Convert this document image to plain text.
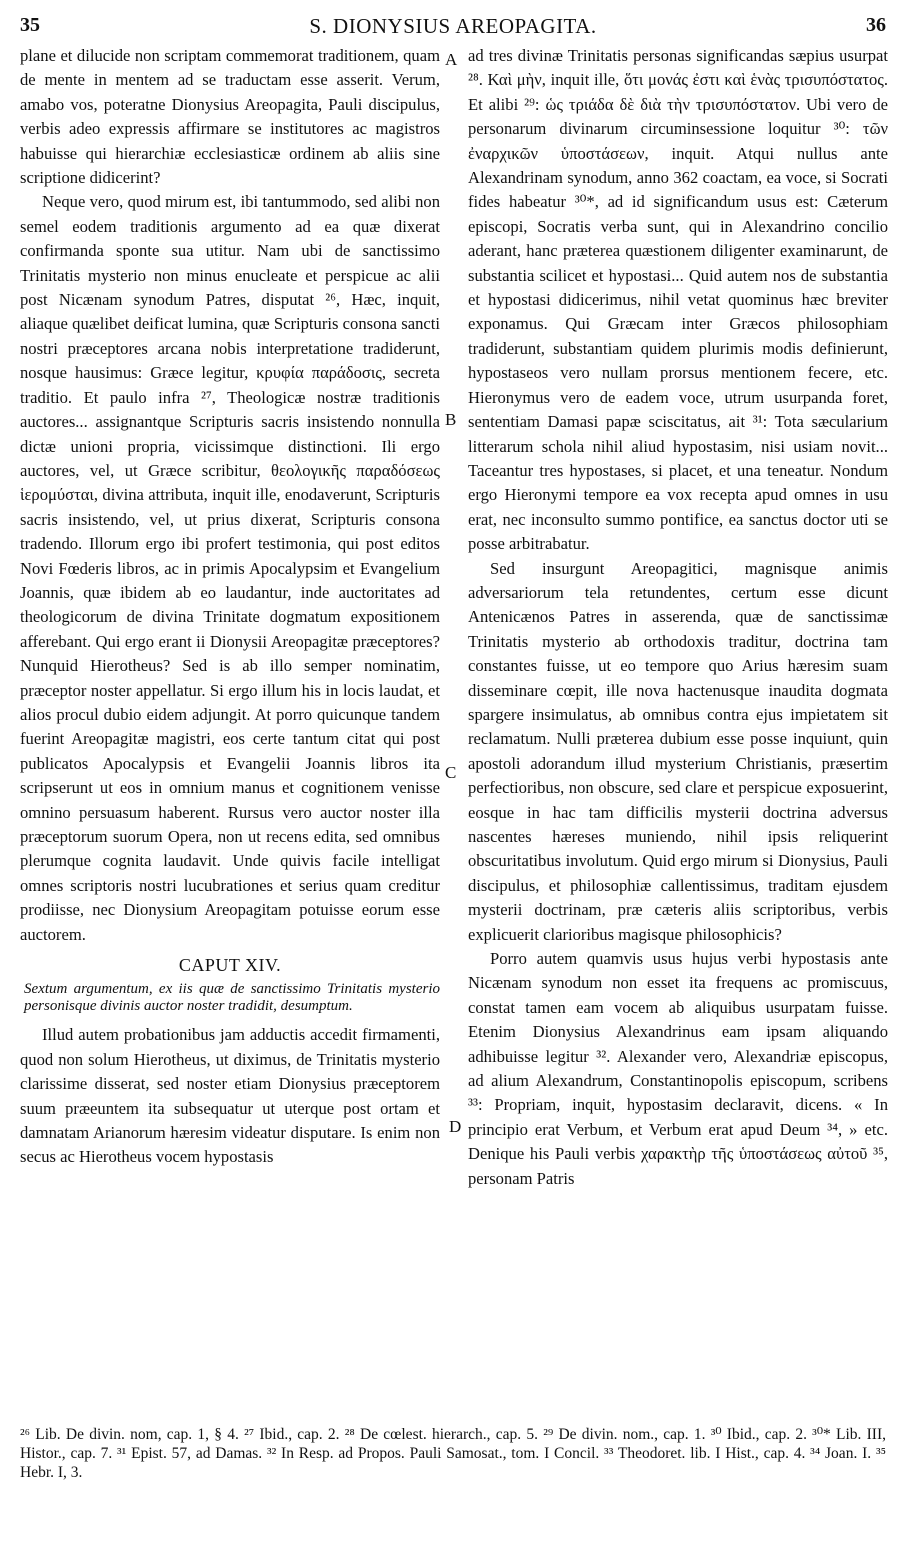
35	S. DIONYSIUS AREOPAGITA.	36

plane et dilucide non scriptam commemorat traditionem, quam de mente in mentem ad se traductam esse asserit. Verum, amabo vos, poteratne Dionysius Areopagita, Pauli discipulus, verbis adeo expressis affirmare se institutores ac magistros habuisse qui hierarchiæ ecclesiasticæ ordinem ab aliis sine scriptione didicerint?

Neque vero, quod mirum est, ibi tantummodo, sed alibi non semel eodem traditionis argumento ad ea quæ dixerat confirmanda sponte sua utitur. Nam ubi de sanctissimo Trinitatis mysterio non minus enucleate et perspicue ac alii post Nicænam synodum Patres, disputat ²⁶, Hæc, inquit, aliaque quælibet deificat lumina, quæ Scripturis consona sancti nostri præceptores arcana nobis interpretatione tradiderunt, nosque hausimus: Græce legitur, κρυφία παράδοσις, secreta traditio. Et paulo infra ²⁷, Theologicæ nostræ traditionis auctores... assignantque Scripturis sacris insistendo nonnulla dictæ unioni propria, vicissimque distinctioni. Ili ergo auctores, vel, ut Græce scribitur, θεολογικῆς παραδόσεως ἱερομύσται, divina attributa, inquit ille, enodaverunt, Scripturis sacris insistendo, vel, ut prius dixerat, Scripturis consona tradendo. Illorum ergo ibi profert testimonia, qui post editos Novi Fœderis libros, ac in primis Apocalypsim et Evangelium Joannis, quæ ibidem ab eo laudantur, inde auctoritates ad theologicorum de divina Trinitate dogmatum expositionem afferebant. Qui ergo erant ii Dionysii Areopagitæ præceptores? Nunquid Hierotheus? Sed is ab illo semper nominatim, præceptor noster appellatur. Si ergo illum his in locis laudat, et alios procul dubio eidem adjungit. At porro quicunque tandem fuerint Areopagitæ magistri, eos certe tantum citat qui post publicatos Apocalypsis et Evangelii Joannis libros ita scripserunt ut eos in omnium manus et cognitionem venisse omnino persuasum haberent. Rursus vero auctor noster illa præceptorum suorum Opera, non ut recens edita, sed omnibus plerumque cognita laudavit. Unde quivis facile intelligat omnes scriptoris nostri lucubrationes et serius quam creditur prodiisse, nec Dionysium Areopagitam potuisse eorum esse auctorem.

CAPUT XIV.

Sextum argumentum, ex iis quæ de sanctissimo Trinitatis mysterio personisque divinis auctor noster tradidit, desumptum.

Illud autem probationibus jam adductis accedit firmamenti, quod non solum Hierotheus, ut diximus, de Trinitatis mysterio clarissime disserat, sed noster etiam Dionysius præceptorem suum præeuntem ita subsequatur ut uterque post ortam et damnatam Arianorum hæresim videatur disputare. Is enim non secus ac Hierotheus vocem hypostasis

A
B
C
D

ad tres divinæ Trinitatis personas significandas sæpius usurpat ²⁸. Καὶ μὴν, inquit ille, ὅτι μονάς ἐστι καὶ ἑνὰς τρισυπόστατος. Et alibi ²⁹: ὡς τριάδα δὲ διὰ τὴν τρισυπόστατον. Ubi vero de personarum divinarum circuminsessione loquitur ³⁰: τῶν ἐναρχικῶν ὑποστάσεων, inquit. Atqui nullus ante Alexandrinam synodum, anno 362 coactam, ea voce, si Socrati fides habeatur ³⁰*, ad id significandum usus est: Cæterum episcopi, Socratis verba sunt, qui in Alexandrino concilio aderant, hanc præterea quæstionem diligenter examinarunt, de substantia scilicet et hypostasi... Quid autem nos de substantia et hypostasi didicerimus, nihil vetat quominus hæc breviter exponamus. Qui Græcam inter Græcos philosophiam tradiderunt, substantiam quidem plurimis modis definierunt, hypostaseos vero nullam prorsus mentionem fecere, etc. Hieronymus vero de eadem voce, utrum usurpanda foret, sententiam Damasi papæ sciscitatus, ait ³¹: Tota sæcularium litterarum schola nihil aliud hypostasim, nisi usiam novit... Taceantur tres hypostases, si placet, et una teneatur. Nondum ergo Hieronymi tempore ea vox recepta apud omnes in usu erat, nec inconsulto summo pontifice, ea sanctus doctor uti se posse arbitrabatur.

Sed insurgunt Areopagitici, magnisque animis adversariorum tela retundentes, certum esse dicunt Antenicænos Patres in asserenda, quæ de sanctissimæ Trinitatis mysterio ab orthodoxis traditur, doctrina tam constantes fuisse, ut eo tempore quo Arius hæresim suam disseminare cœpit, ille nova hactenusque inaudita dogmata spargere insimulatus, ab omnibus contra ejus impietatem sit reclamatum. Nulli præterea dubium esse posse inquiunt, quin apostoli adorandum illud mysterium Christianis, præsertim perfectioribus, non obscure, sed clare et perspicue exposuerint, eosque in hac tam difficilis mysterii doctrina adversus nascentes hæreses muniendo, nihil ipsis reliquerint obscuritatibus involutum. Quid ergo mirum si Dionysius, Pauli discipulus, et philosophiæ callentissimus, traditam ejusdem mysterii doctrinam, præ cæteris aliis scriptoribus, verbis explicuerit clarioribus magisque philosophicis?

Porro autem quamvis usus hujus verbi hypostasis ante Nicænam synodum non esset ita frequens ac promiscuus, constat tamen eam vocem ab aliquibus usurpatam fuisse. Etenim Dionysius Alexandrinus eam ipsam aliquando adhibuisse legitur ³². Alexander vero, Alexandriæ episcopus, ad alium Alexandrum, Constantinopolis episcopum, scribens ³³: Propriam, inquit, hypostasim declaravit, dicens. « In principio erat Verbum, et Verbum erat apud Deum ³⁴, » etc. Denique his Pauli verbis χαρακτὴρ τῆς ὑποστάσεως αὐτοῦ ³⁵, personam Patris

²⁶ Lib. De divin. nom, cap. 1, § 4. ²⁷ Ibid., cap. 2. ²⁸ De cœlest. hierarch., cap. 5. ²⁹ De divin. nom., cap. 1. ³⁰ Ibid., cap. 2. ³⁰* Lib. III, Histor., cap. 7. ³¹ Epist. 57, ad Damas. ³² In Resp. ad Propos. Pauli Samosat., tom. I Concil. ³³ Theodoret. lib. I Hist., cap. 4. ³⁴ Joan. I. ³⁵ Hebr. I, 3.
